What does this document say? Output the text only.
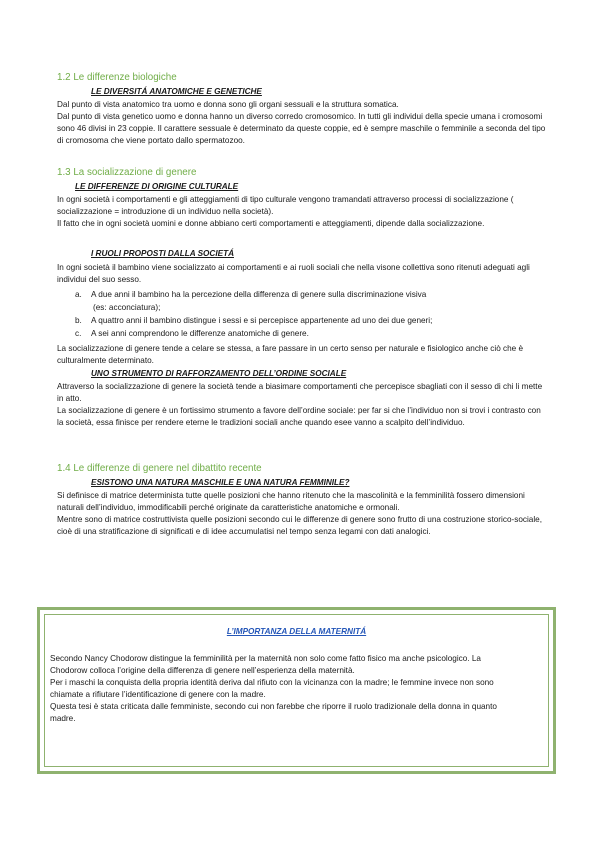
1.2 Le differenze biologiche
LE DIVERSITÁ ANATOMICHE E GENETICHE
Dal punto di vista anatomico tra uomo e donna sono gli organi sessuali e la struttura somatica.
Dal punto di vista genetico uomo e donna hanno un diverso corredo cromosomico. In tutti gli individui della specie umana i cromosomi sono 46 divisi in 23 coppie. Il carattere sessuale è determinato da queste coppie, ed è sempre maschile o femminile a seconda del tipo di cromosoma che viene portato dallo spermatozoo.
1.3 La socializzazione di genere
LE DIFFERENZE DI ORIGINE CULTURALE
In ogni società i comportamenti e gli atteggiamenti di tipo culturale vengono tramandati attraverso processi di socializzazione ( socializzazione = introduzione di un individuo nella società).
Il fatto che in ogni società uomini e donne abbiano certi comportamenti e atteggiamenti, dipende dalla socializzazione.
I RUOLI PROPOSTI DALLA SOCIETÁ
In ogni società il bambino viene socializzato ai comportamenti e ai ruoli sociali che nella visone collettiva sono ritenuti adeguati agli individui del suo sesso.
a. A due anni il bambino ha la percezione della differenza di genere sulla discriminazione visiva
(es: acconciatura);
b. A quattro anni il bambino distingue i sessi e si percepisce appartenente ad uno dei due generi;
c. A sei anni comprendono le differenze anatomiche di genere.
La socializzazione di genere tende a celare se stessa, a fare passare in un certo senso per naturale e fisiologico anche ciò che è culturalmente determinato.
UNO STRUMENTO DI RAFFORZAMENTO DELL’ORDINE SOCIALE
Attraverso la socializzazione di genere la società tende a biasimare comportamenti che percepisce sbagliati con il sesso di chi li mette in atto.
La socializzazione di genere è un fortissimo strumento a favore dell’ordine sociale: per far si che l’individuo non si trovi i contrasto con la società, essa finisce per rendere eterne le tradizioni sociali anche quando esee vanno a scalpito dell’individuo.
1.4 Le differenze di genere nel dibattito recente
ESISTONO UNA NATURA MASCHILE E UNA NATURA FEMMINILE?
Si definisce di matrice determinista tutte quelle posizioni che hanno ritenuto che la mascolinità e la femminilità fossero dimensioni naturali dell’individuo, immodificabili perché originate da caratteristiche anatomiche e ormonali.
Mentre sono di matrice costruttivista quelle posizioni secondo cui le differenze di genere sono frutto di una costruzione storico-sociale, cioè di una stratificazione di significati e di idee accumulatisi nel tempo senza legami con dati analogici.
L’IMPORTANZA DELLA MATERNITÁ
Secondo Nancy Chodorow distingue la femminilità per la maternità non solo come fatto fisico ma anche psicologico. La Chodorow colloca l’origine della differenza di genere nell’esperienza della maternità.
Per i maschi la conquista della propria identità deriva dal rifiuto con la vicinanza con la madre; le femmine invece non sono chiamate a rifiutare l’identificazione di genere con la madre.
Questa tesi è stata criticata dalle femministe, secondo cui non farebbe che riporre il ruolo tradizionale della donna in quanto madre.
